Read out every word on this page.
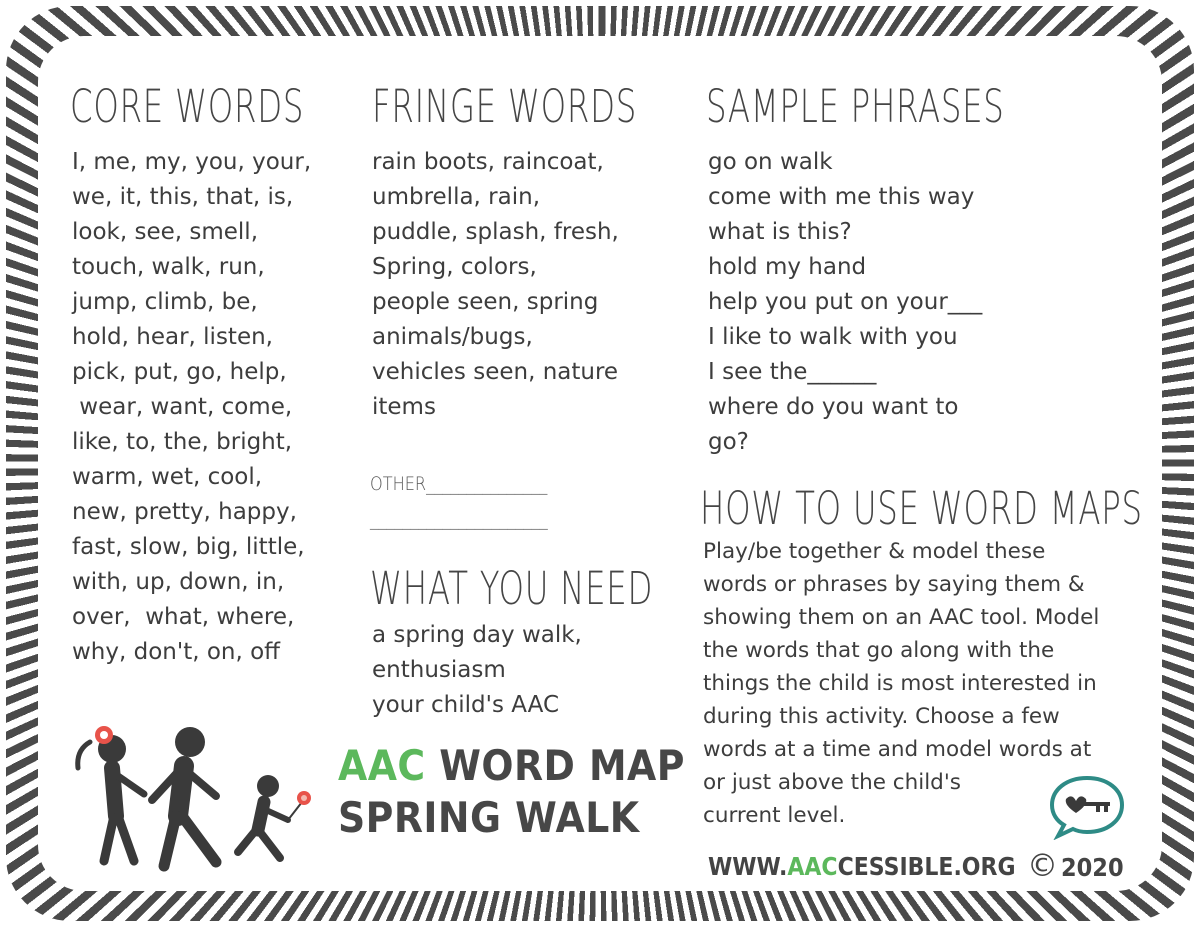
CORE WORDS
I, me, my, you, your,
we, it, this, that, is,
look, see, smell,
touch, walk, run,
jump, climb, be,
hold, hear, listen,
pick, put, go, help,
wear, want, come,
like, to, the, bright,
warm, wet, cool,
new, pretty, happy,
fast, slow, big, little,
with, up, down, in,
over,  what, where,
why, don't, on, off
FRINGE WORDS
rain boots, raincoat,
umbrella, rain,
puddle, splash, fresh,
Spring, colors,
people seen, spring
animals/bugs,
vehicles seen, nature
items
OTHER_______________
______________________
WHAT YOU NEED
a spring day walk,
enthusiasm
your child's AAC
SAMPLE PHRASES
go on walk
come with me this way
what is this?
hold my hand
help you put on your___
I like to walk with you
I see the______
where do you want to
go?
HOW TO USE WORD MAPS
Play/be together & model these
words or phrases by saying them &
showing them on an AAC tool. Model
the words that go along with the
things the child is most interested in
during this activity. Choose a few
words at a time and model words at
or just above the child's
current level.
AAC WORD MAP
SPRING WALK
WWW.AACCESSIBLE.ORG © 2020
